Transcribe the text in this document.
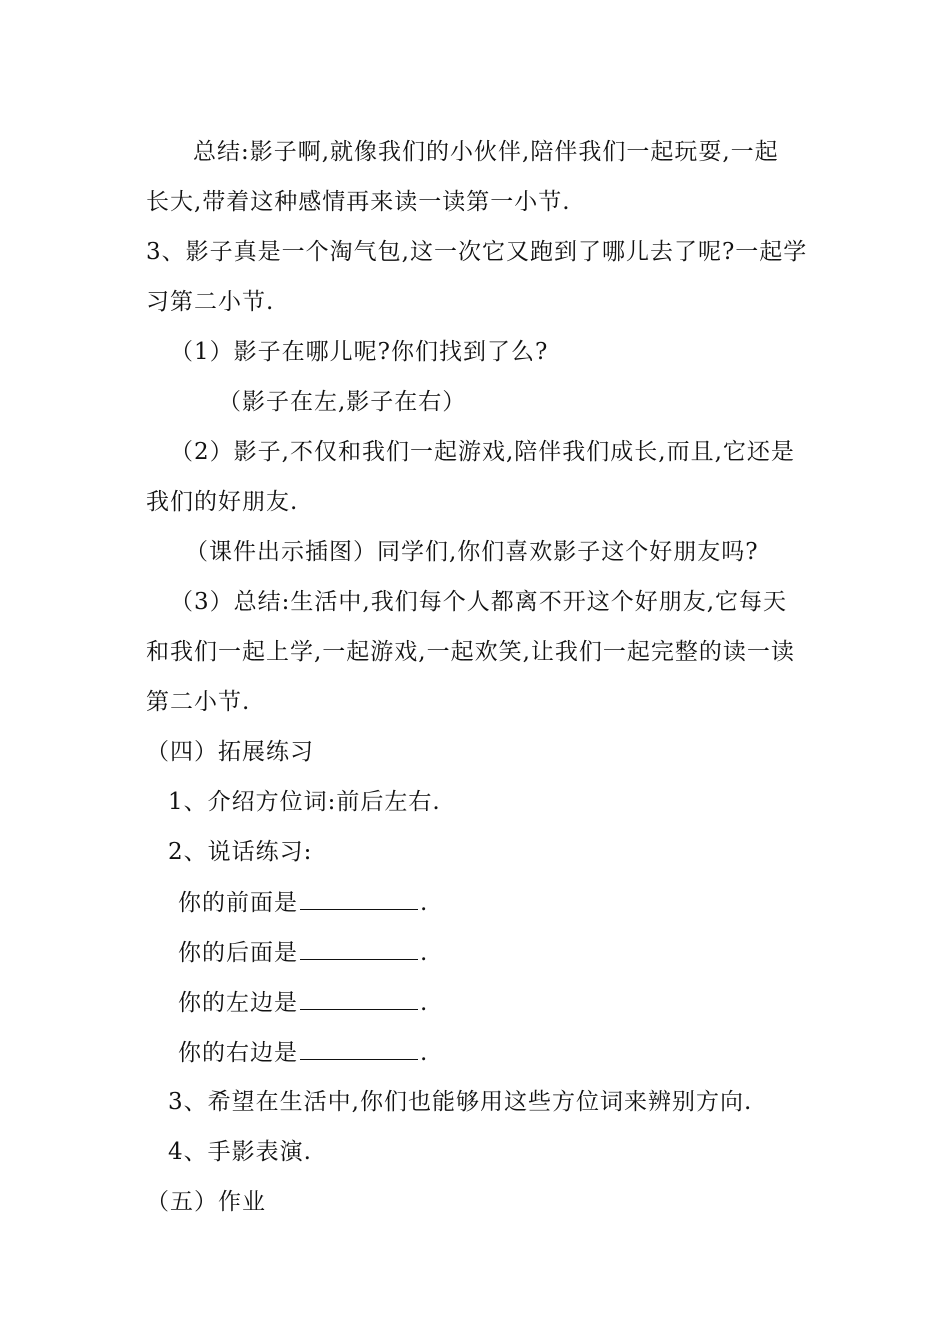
总结:影子啊,就像我们的小伙伴,陪伴我们一起玩耍,一起
长大,带着这种感情再来读一读第一小节.
3、影子真是一个淘气包,这一次它又跑到了哪儿去了呢?一起学
习第二小节.
（1）影子在哪儿呢?你们找到了么?
（影子在左,影子在右）
（2）影子,不仅和我们一起游戏,陪伴我们成长,而且,它还是
我们的好朋友.
（课件出示插图）同学们,你们喜欢影子这个好朋友吗?
（3）总结:生活中,我们每个人都离不开这个好朋友,它每天
和我们一起上学,一起游戏,一起欢笑,让我们一起完整的读一读
第二小节.
（四）拓展练习
1、介绍方位词:前后左右.
2、说话练习:
你的前面是	.
你的后面是	.
你的左边是	.
你的右边是	.
3、希望在生活中,你们也能够用这些方位词来辨别方向.
4、手影表演.
（五）作业
